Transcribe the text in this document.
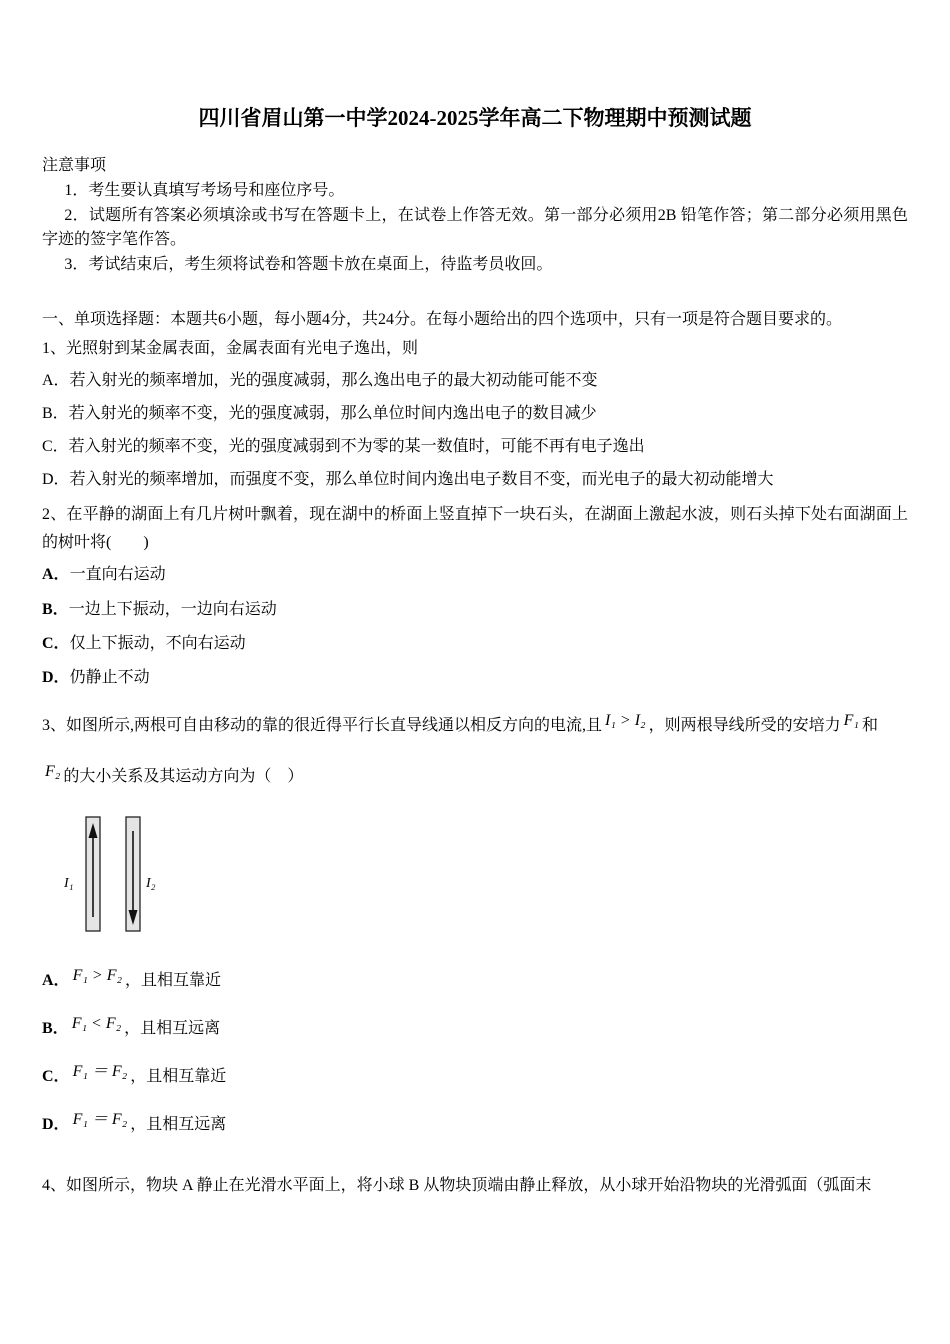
四川省眉山第一中学2024-2025学年高二下物理期中预测试题

注意事项

1．考生要认真填写考场号和座位序号。

2．试题所有答案必须填涂或书写在答题卡上，在试卷上作答无效。第一部分必须用2B 铅笔作答；第二部分必须用黑色字迹的签字笔作答。

3．考试结束后，考生须将试卷和答题卡放在桌面上，待监考员收回。

一、单项选择题：本题共6小题，每小题4分，共24分。在每小题给出的四个选项中，只有一项是符合题目要求的。

1、光照射到某金属表面，金属表面有光电子逸出，则

A．若入射光的频率增加，光的强度减弱，那么逸出电子的最大初动能可能不变

B．若入射光的频率不变，光的强度减弱，那么单位时间内逸出电子的数目减少

C．若入射光的频率不变，光的强度减弱到不为零的某一数值时，可能不再有电子逸出

D．若入射光的频率增加，而强度不变，那么单位时间内逸出电子数目不变，而光电子的最大初动能增大

2、在平静的湖面上有几片树叶飘着，现在湖中的桥面上竖直掉下一块石头，在湖面上激起水波，则石头掉下处右面湖面上的树叶将(　　)

A．一直向右运动

B．一边上下振动，一边向右运动

C．仅上下振动，不向右运动

D．仍静止不动

3、如图所示,两根可自由移动的靠的很近得平行长直导线通以相反方向的电流,且 I₁ > I₂ ，则两根导线所受的安培力 F₁ 和

F₂ 的大小关系及其运动方向为（　）

I₁	I₂

A． F₁ > F₂ ，且相互靠近

B． F₁ < F₂ ，且相互远离

C． F₁ ＝ F₂ ，且相互靠近

D． F₁ ＝ F₂ ，且相互远离

4、如图所示，物块 A 静止在光滑水平面上，将小球 B 从物块顶端由静止释放，从小球开始沿物块的光滑弧面（弧面末
